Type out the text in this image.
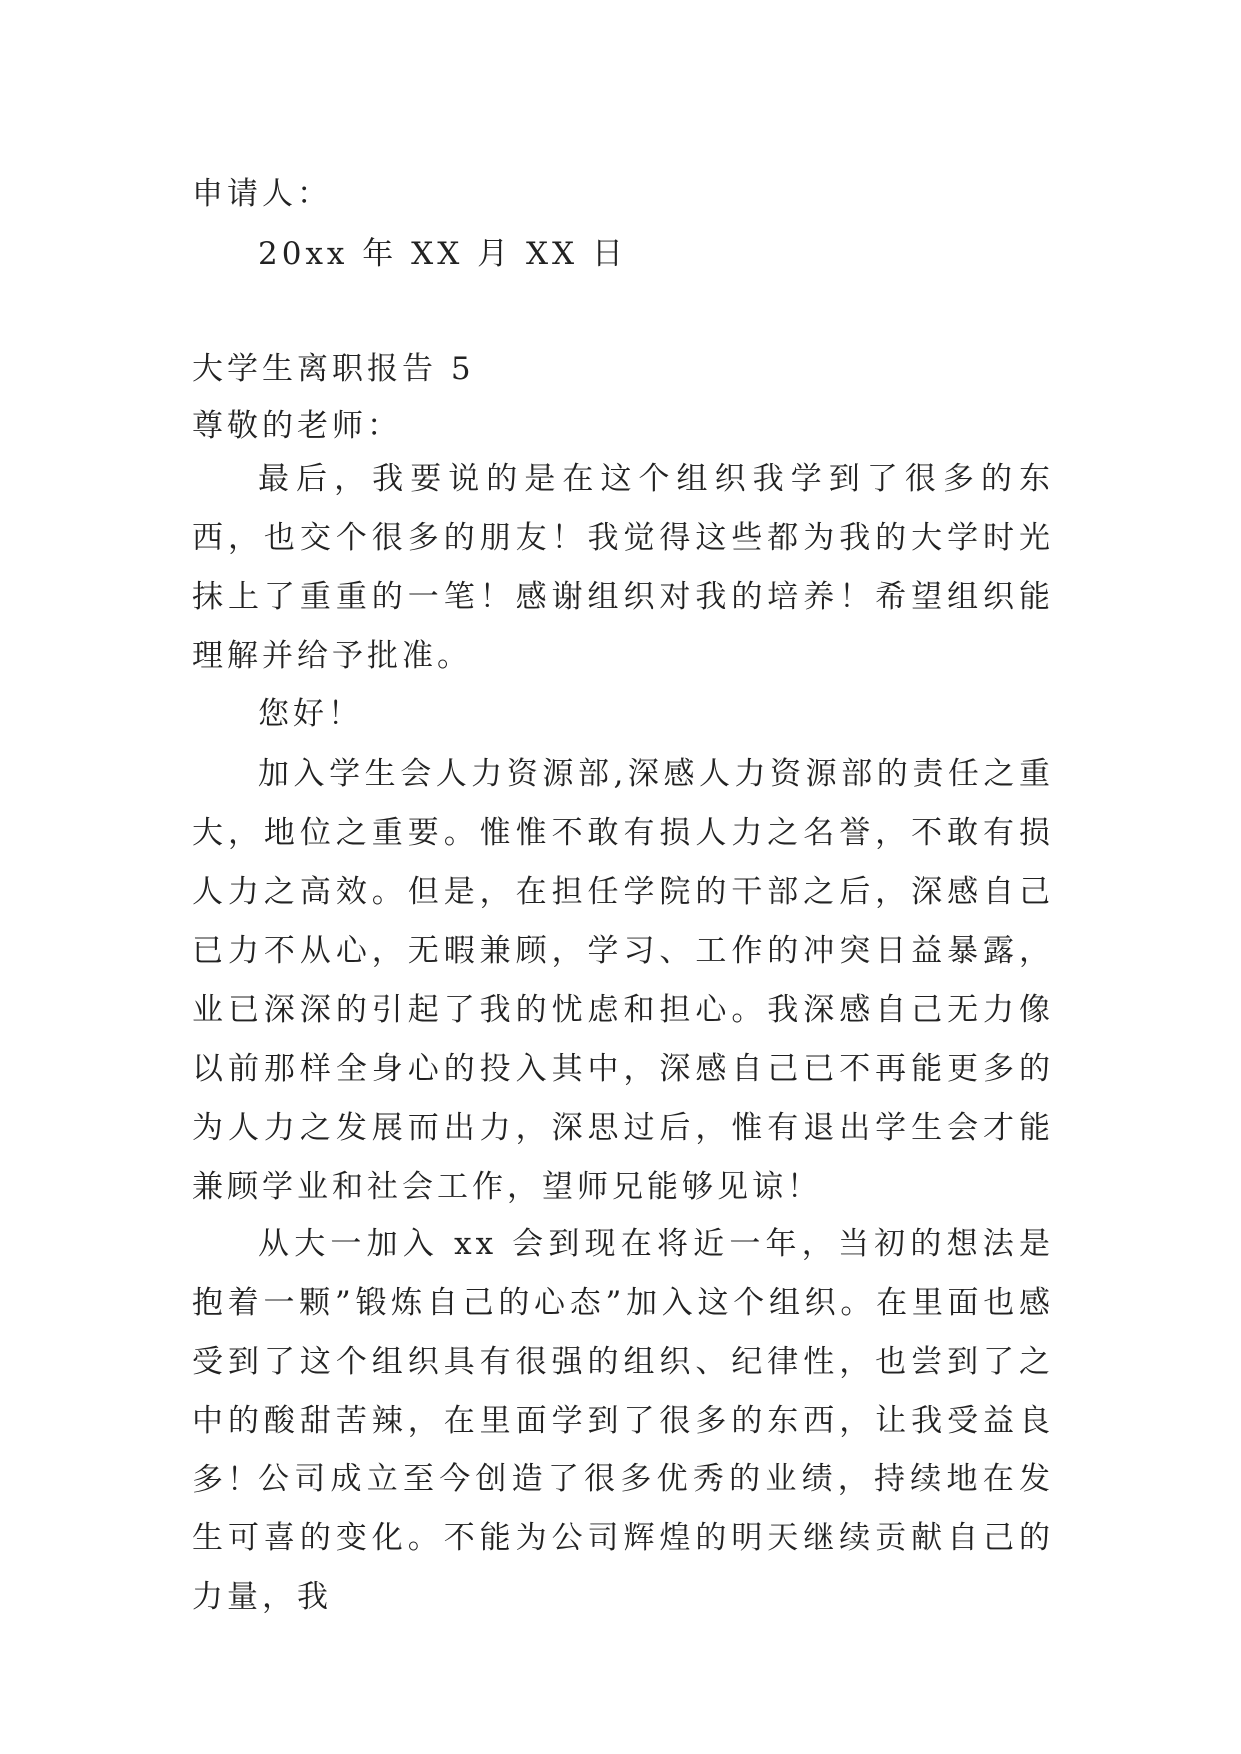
申请人：

20xx 年 XX 月 XX 日

大学生离职报告 5

尊敬的老师：

最后，我要说的是在这个组织我学到了很多的东西，也交个很多的朋友！我觉得这些都为我的大学时光抹上了重重的一笔！感谢组织对我的培养！希望组织能理解并给予批准。

您好！

加入学生会人力资源部,深感人力资源部的责任之重大，地位之重要。惟惟不敢有损人力之名誉，不敢有损人力之高效。但是，在担任学院的干部之后，深感自己已力不从心，无暇兼顾，学习、工作的冲突日益暴露，业已深深的引起了我的忧虑和担心。我深感自己无力像以前那样全身心的投入其中，深感自己已不再能更多的为人力之发展而出力，深思过后，惟有退出学生会才能兼顾学业和社会工作，望师兄能够见谅！

从大一加入 xx 会到现在将近一年，当初的想法是抱着一颗”锻炼自己的心态”加入这个组织。在里面也感受到了这个组织具有很强的组织、纪律性，也尝到了之中的酸甜苦辣，在里面学到了很多的东西，让我受益良多！

公司成立至今创造了很多优秀的业绩，持续地在发生可喜的变化。不能为公司辉煌的明天继续贡献自己的力量，我
